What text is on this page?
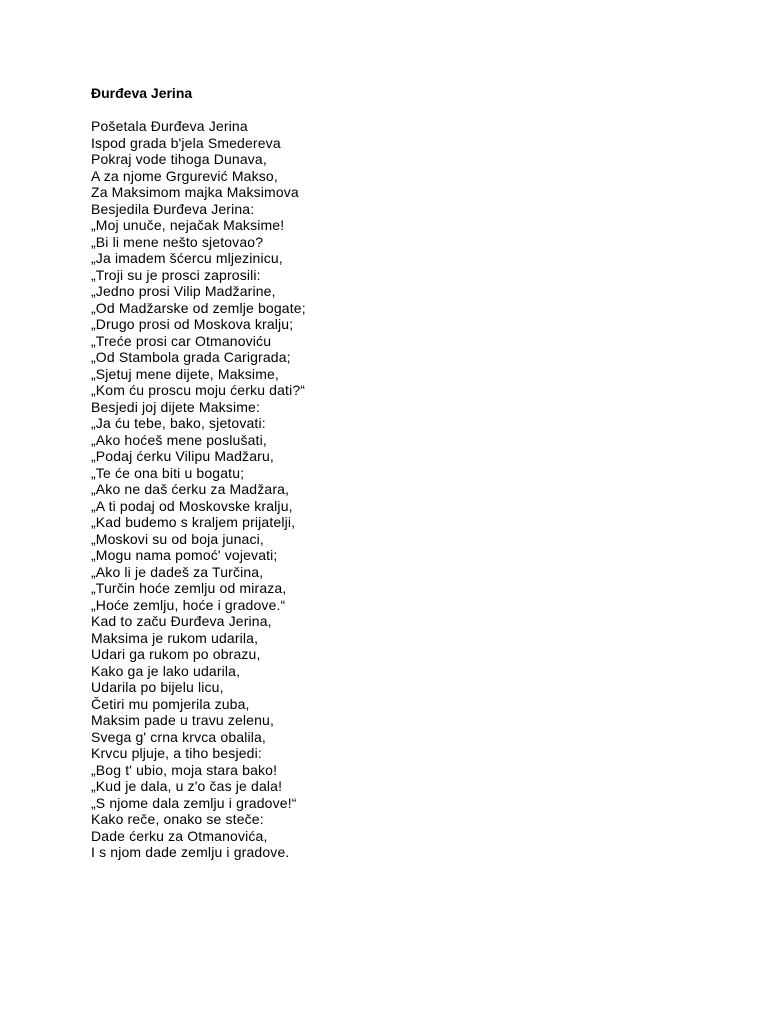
Đurđeva Jerina
Pošetala Đurđeva Jerina
Ispod grada b'jela Smedereva
Pokraj vode tihoga Dunava,
A za njome Grgurević Makso,
Za Maksimom majka Maksimova
Besjedila Đurđeva Jerina:
„Moj unuče, nejačak Maksime!
„Bi li mene nešto sjetovao?
„Ja imadem šćercu mljezinicu,
„Troji su je prosci zaprosili:
„Jedno prosi Vilip Madžarine,
„Od Madžarske od zemlje bogate;
„Drugo prosi od Moskova kralju;
„Treće prosi car Otmanoviću
„Od Stambola grada Carigrada;
„Sjetuj mene dijete, Maksime,
„Kom ću proscu moju ćerku dati?“
Besjedi joj dijete Maksime:
„Ja ću tebe, bako, sjetovati:
„Ako hoćeš mene poslušati,
„Podaj ćerku Vilipu Madžaru,
„Te će ona biti u bogatu;
„Ako ne daš ćerku za Madžara,
„A ti podaj od Moskovske kralju,
„Kad budemo s kraljem prijatelji,
„Moskovi su od boja junaci,
„Mogu nama pomoć' vojevati;
„Ako li je dadeš za Turčina,
„Turčin hoće zemlju od miraza,
„Hoće zemlju, hoće i gradove.“
Kad to začu Đurđeva Jerina,
Maksima je rukom udarila,
Udari ga rukom po obrazu,
Kako ga je lako udarila,
Udarila po bijelu licu,
Četiri mu pomjerila zuba,
Maksim pade u travu zelenu,
Svega g' crna krvca obalila,
Krvcu pljuje, a tiho besjedi:
„Bog t' ubio, moja stara bako!
„Kud je dala, u z'o čas je dala!
„S njome dala zemlju i gradove!“
Kako reče, onako se steče:
Dade ćerku za Otmanovića,
I s njom dade zemlju i gradove.
